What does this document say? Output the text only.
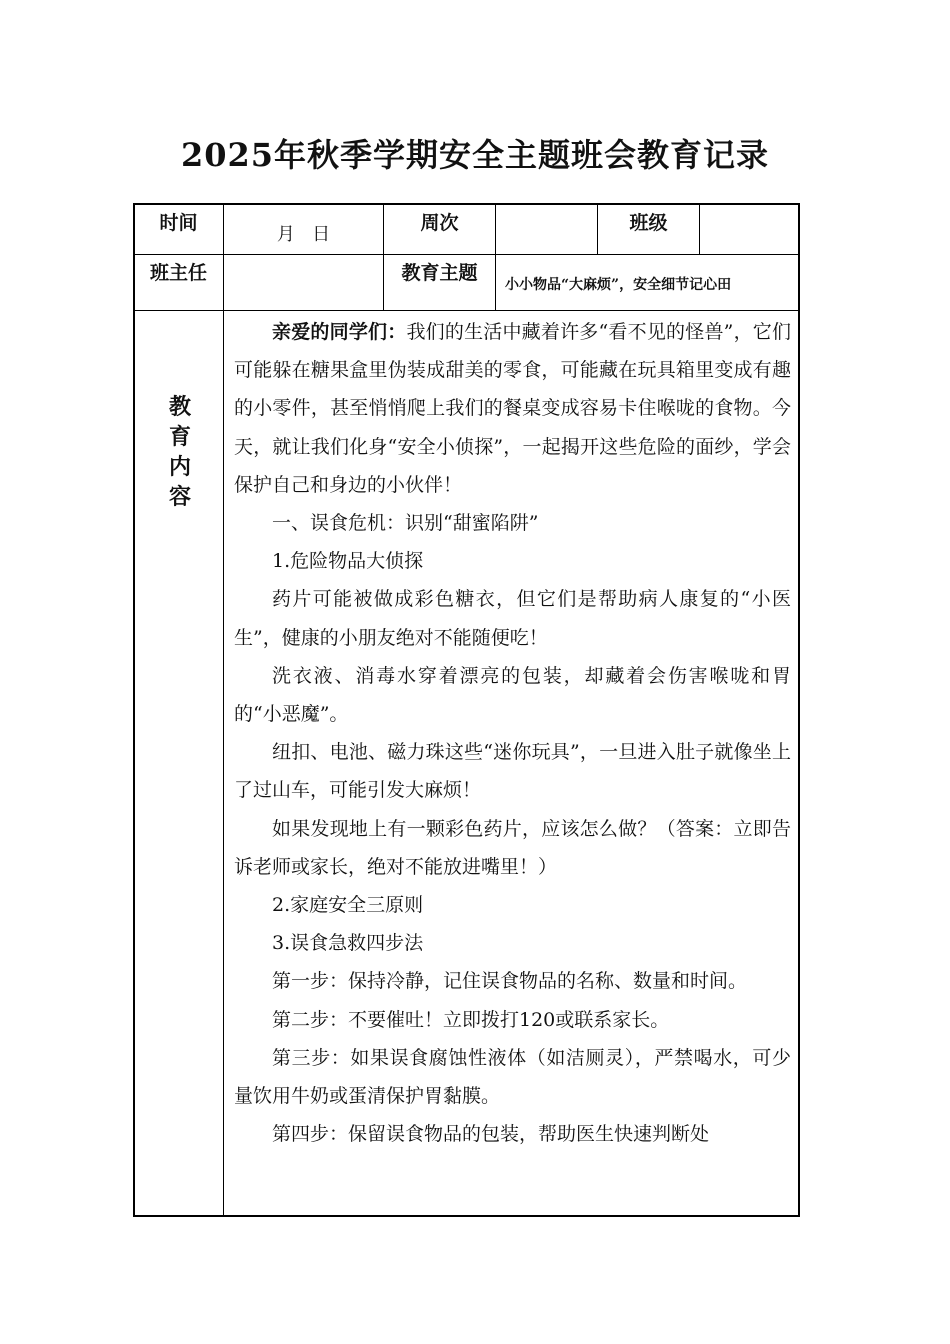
2025年秋季学期安全主题班会教育记录
时间
月   日
周次	班级
班主任	教育主题
小小物品“大麻烦”，安全细节记心田
教
育
内
容

亲爱的同学们：我们的生活中藏着许多“看不见的怪兽”，它们可能躲在糖果盒里伪装成甜美的零食，可能藏在玩具箱里变成有趣的小零件，甚至悄悄爬上我们的餐桌变成容易卡住喉咙的食物。今天，就让我们化身“安全小侦探”，一起揭开这些危险的面纱，学会保护自己和身边的小伙伴！

一、误食危机：识别“甜蜜陷阱”

1.危险物品大侦探

药片可能被做成彩色糖衣，但它们是帮助病人康复的“小医生”，健康的小朋友绝对不能随便吃！

洗衣液、消毒水穿着漂亮的包装，却藏着会伤害喉咙和胃的“小恶魔”。

纽扣、电池、磁力珠这些“迷你玩具”，一旦进入肚子就像坐上了过山车，可能引发大麻烦！

如果发现地上有一颗彩色药片，应该怎么做？（答案：立即告诉老师或家长，绝对不能放进嘴里！）

2.家庭安全三原则

3.误食急救四步法

第一步：保持冷静，记住误食物品的名称、数量和时间。

第二步：不要催吐！立即拨打120或联系家长。

第三步：如果误食腐蚀性液体（如洁厕灵），严禁喝水，可少量饮用牛奶或蛋清保护胃黏膜。

第四步：保留误食物品的包装，帮助医生快速判断处
